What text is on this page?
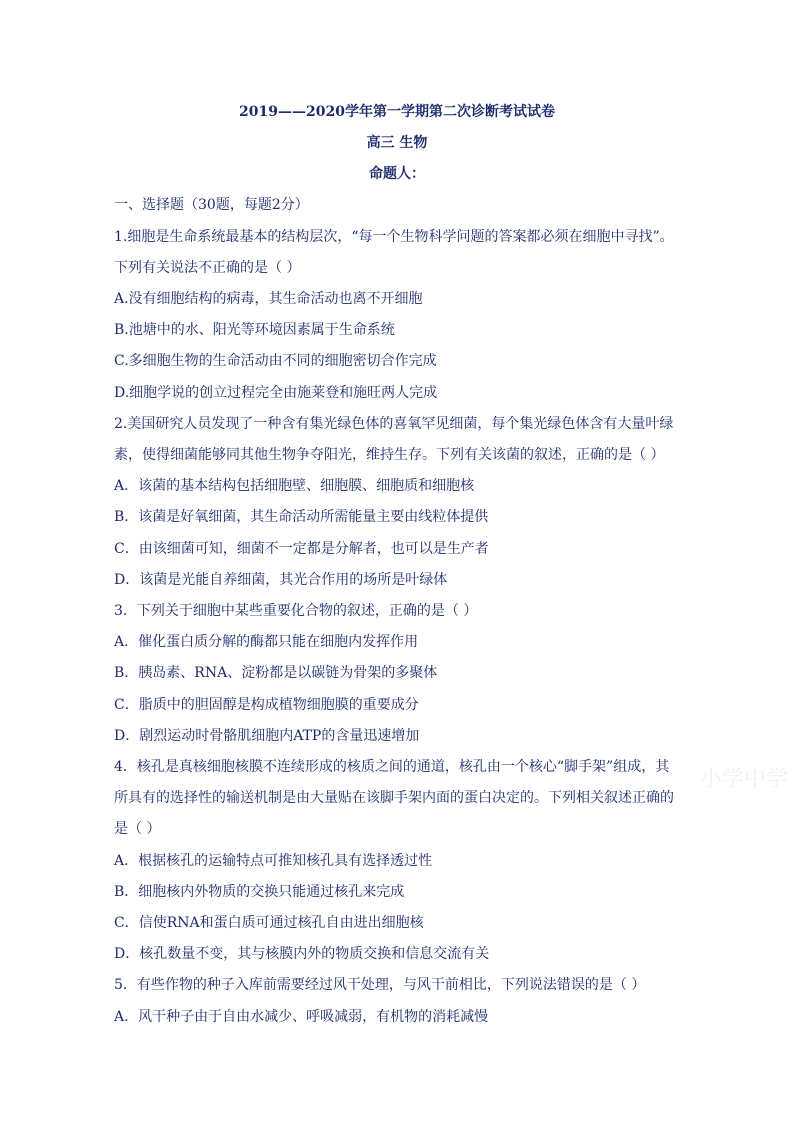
2019——2020学年第一学期第二次诊断考试试卷
高三 生物
命题人：
一、选择题（30题，每题2分）
1.细胞是生命系统最基本的结构层次，“每一个生物科学问题的答案都必须在细胞中寻找”。
下列有关说法不正确的是（ ）
A.没有细胞结构的病毒，其生命活动也离不开细胞
B.池塘中的水、阳光等环境因素属于生命系统
C.多细胞生物的生命活动由不同的细胞密切合作完成
D.细胞学说的创立过程完全由施莱登和施旺两人完成
2.美国研究人员发现了一种含有集光绿色体的喜氧罕见细菌，每个集光绿色体含有大量叶绿
素，使得细菌能够同其他生物争夺阳光，维持生存。下列有关该菌的叙述，正确的是（ ）
A．该菌的基本结构包括细胞壁、细胞膜、细胞质和细胞核
B．该菌是好氧细菌，其生命活动所需能量主要由线粒体提供
C．由该细菌可知，细菌不一定都是分解者，也可以是生产者
D．该菌是光能自养细菌，其光合作用的场所是叶绿体
3．下列关于细胞中某些重要化合物的叙述，正确的是（ ）
A．催化蛋白质分解的酶都只能在细胞内发挥作用
B．胰岛素、RNA、淀粉都是以碳链为骨架的多聚体
C．脂质中的胆固醇是构成植物细胞膜的重要成分
D．剧烈运动时骨骼肌细胞内ATP的含量迅速增加
4．核孔是真核细胞核膜不连续形成的核质之间的通道，核孔由一个核心“脚手架”组成，其
所具有的选择性的输送机制是由大量贴在该脚手架内面的蛋白决定的。下列相关叙述正确的
是（ ）
A．根据核孔的运输特点可推知核孔具有选择透过性
B．细胞核内外物质的交换只能通过核孔来完成
C．信使RNA和蛋白质可通过核孔自由进出细胞核
D．核孔数量不变，其与核膜内外的物质交换和信息交流有关
5．有些作物的种子入库前需要经过风干处理，与风干前相比，下列说法错误的是（ ）
A．风干种子由于自由水减少、呼吸减弱，有机物的消耗减慢
小学中学
